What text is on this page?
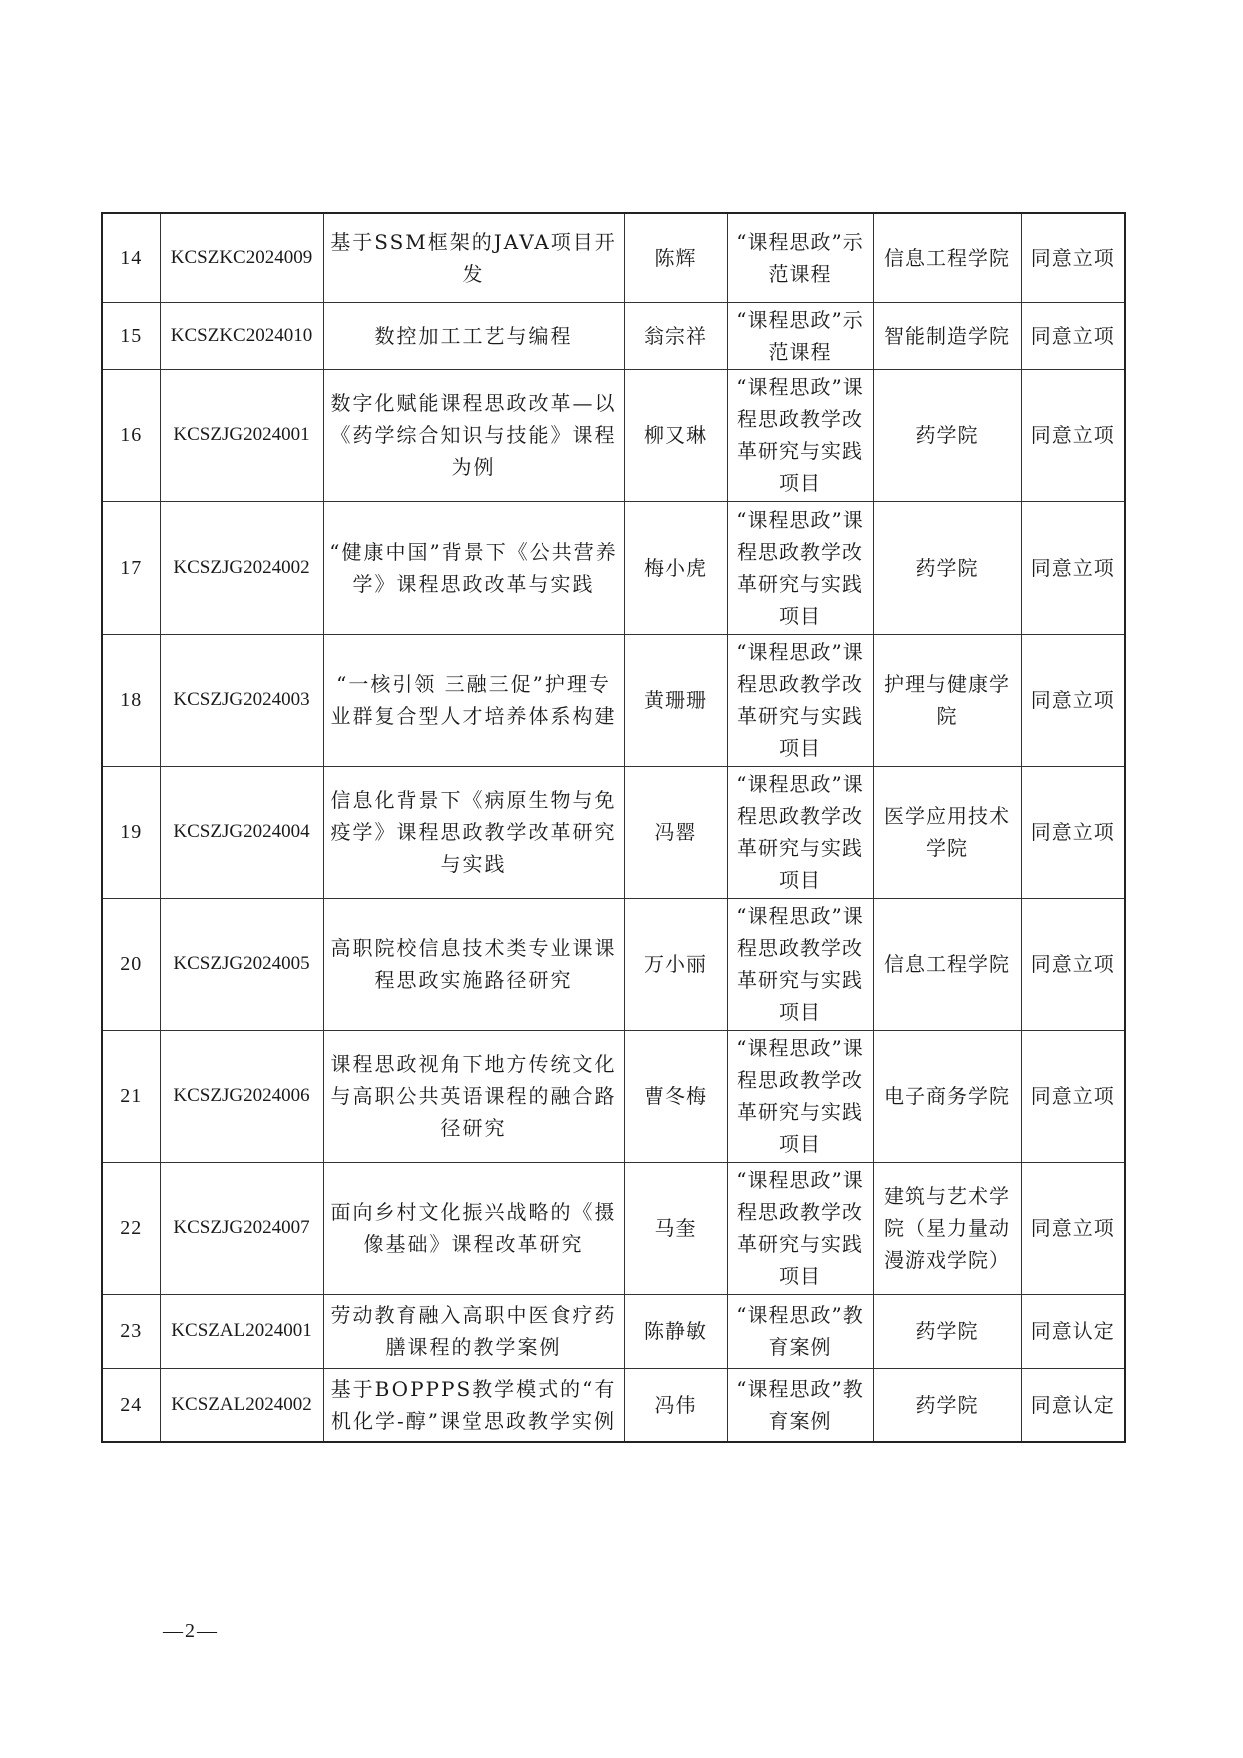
14	KCSZKC2024009	基于SSM框架的JAVA项目开发	陈辉	“课程思政”示范课程	信息工程学院	同意立项
15	KCSZKC2024010	数控加工工艺与编程	翁宗祥	“课程思政”示范课程	智能制造学院	同意立项
16	KCSZJG2024001	数字化赋能课程思政改革—以《药学综合知识与技能》课程为例	柳又琳	“课程思政”课程思政教学改革研究与实践项目	药学院	同意立项
17	KCSZJG2024002	“健康中国”背景下《公共营养学》课程思政改革与实践	梅小虎	“课程思政”课程思政教学改革研究与实践项目	药学院	同意立项
18	KCSZJG2024003	“一核引领 三融三促”护理专业群复合型人才培养体系构建	黄珊珊	“课程思政”课程思政教学改革研究与实践项目	护理与健康学院	同意立项
19	KCSZJG2024004	信息化背景下《病原生物与免疫学》课程思政教学改革研究与实践	冯罂	“课程思政”课程思政教学改革研究与实践项目	医学应用技术学院	同意立项
20	KCSZJG2024005	高职院校信息技术类专业课课程思政实施路径研究	万小丽	“课程思政”课程思政教学改革研究与实践项目	信息工程学院	同意立项
21	KCSZJG2024006	课程思政视角下地方传统文化与高职公共英语课程的融合路径研究	曹冬梅	“课程思政”课程思政教学改革研究与实践项目	电子商务学院	同意立项
22	KCSZJG2024007	面向乡村文化振兴战略的《摄像基础》课程改革研究	马奎	“课程思政”课程思政教学改革研究与实践项目	建筑与艺术学院（星力量动漫游戏学院）	同意立项
23	KCSZAL2024001	劳动教育融入高职中医食疗药膳课程的教学案例	陈静敏	“课程思政”教育案例	药学院	同意认定
24	KCSZAL2024002	基于BOPPPS教学模式的“有机化学-醇”课堂思政教学实例	冯伟	“课程思政”教育案例	药学院	同意认定
—2—
